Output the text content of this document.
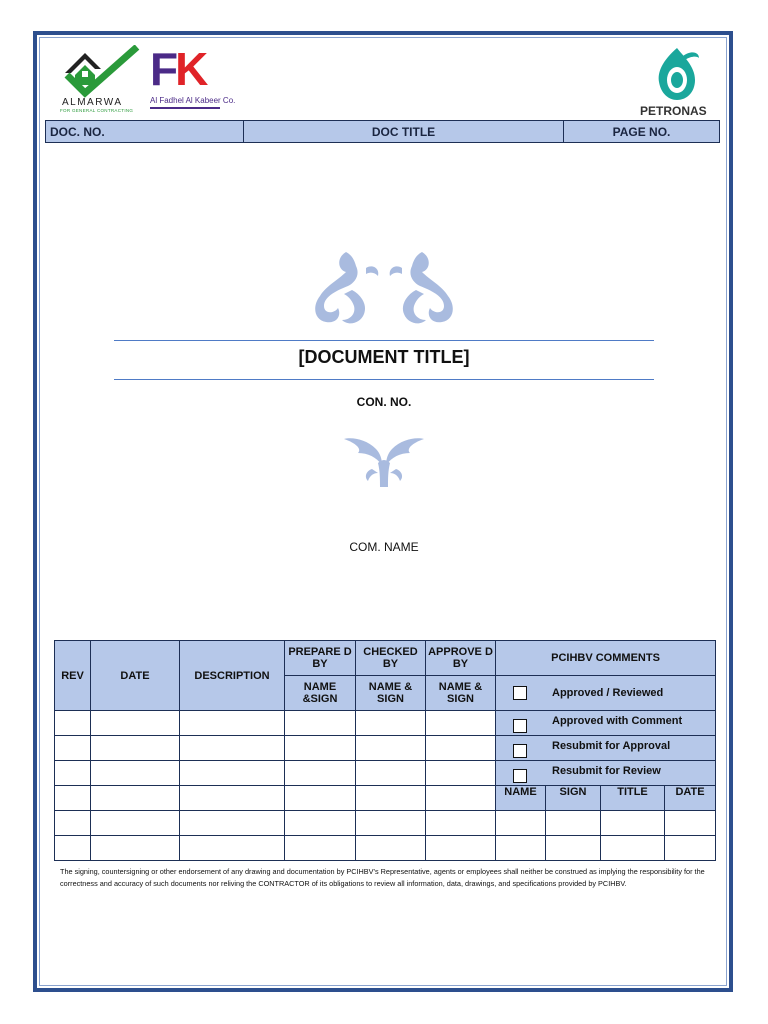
ALMARWA
FOR GENERAL CONTRACTING
FK
Al Fadhel Al Kabeer Co.
PETRONAS
DOC. NO.	DOC TITLE	PAGE NO.
[DOCUMENT TITLE]
CON. NO.
COM. NAME
REV	DATE	DESCRIPTION	PREPARE D BY	CHECKED BY	APPROVE D BY	PCIHBV COMMENTS			
			NAME &SIGN	NAME & SIGN	NAME & SIGN	Approved / Reviewed			

						Approved with Comment			

						Resubmit for Approval			

						Resubmit for Review			

						NAME	SIGN	TITLE	DATE

The signing, countersigning or other endorsement of any drawing and documentation by PCIHBV's Representative, agents or employees shall neither be construed as implying the responsibility for the correctness and accuracy of such documents nor reliving the CONTRACTOR of its obligations to review all information, data, drawings, and specifications provided by PCIHBV.
